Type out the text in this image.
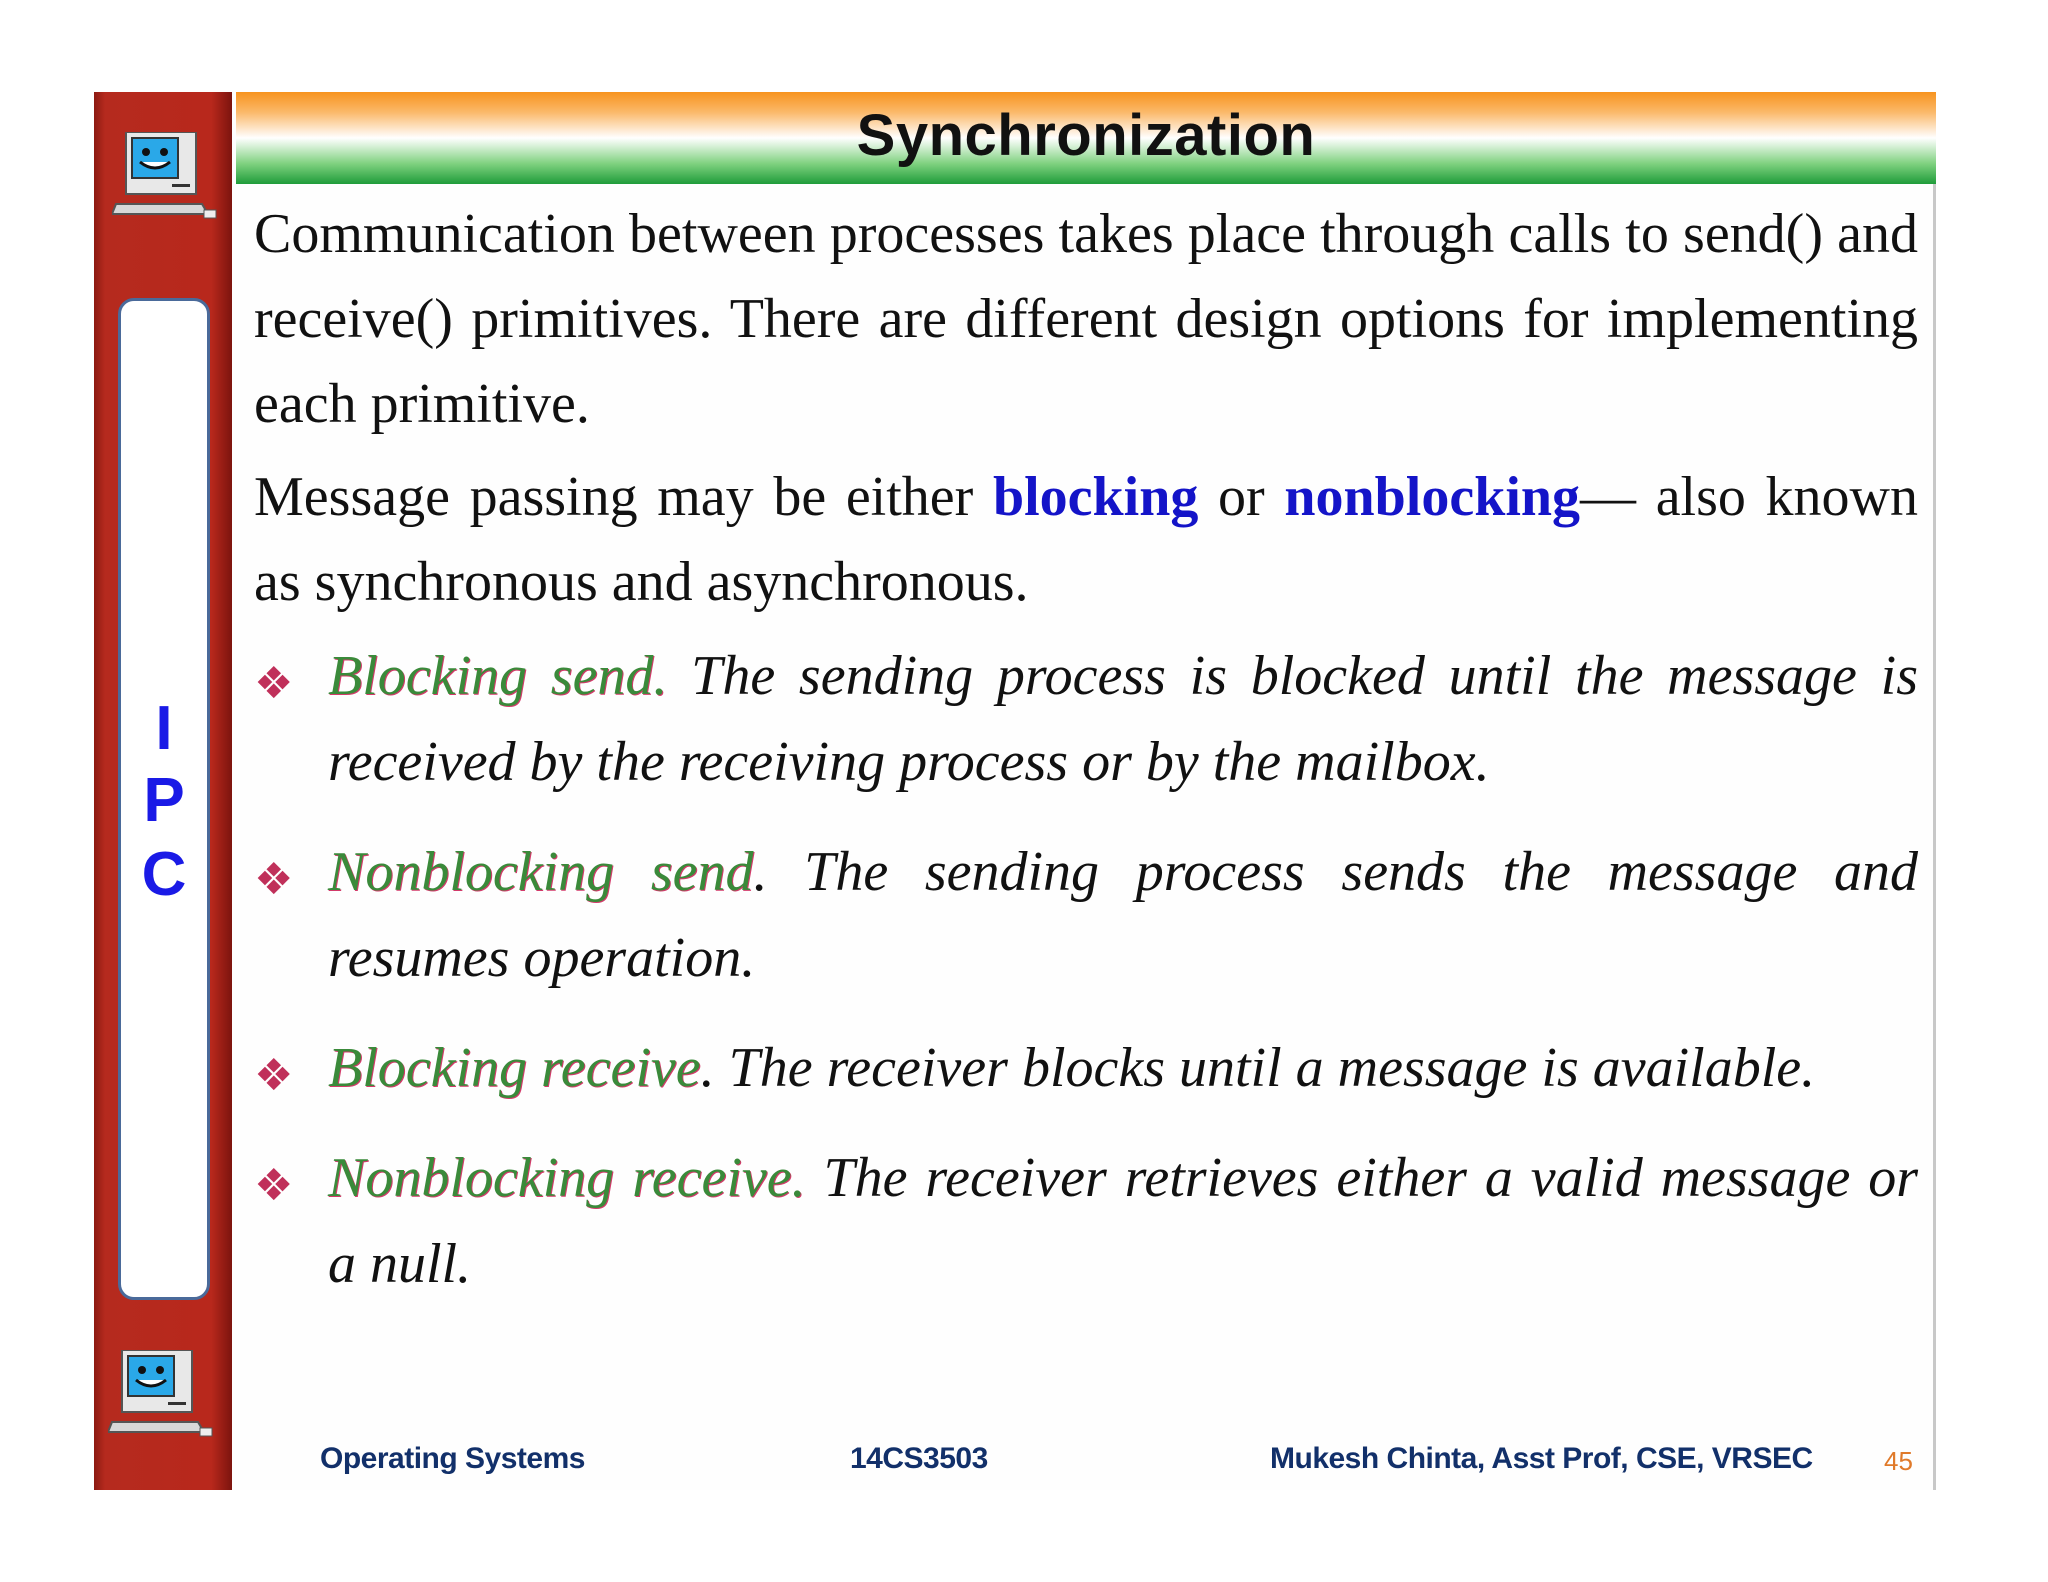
I
P
C
Synchronization

Communication between processes takes place through calls to send() and receive() primitives. There are different design options for implementing each primitive.

Message passing may be either blocking or nonblocking— also known as synchronous and asynchronous.

❖ Blocking send. The sending process is blocked until the message is received by the receiving process or by the mailbox.
❖ Nonblocking send. The sending process sends the message and resumes operation.
❖ Blocking receive. The receiver blocks until a message is available.
❖ Nonblocking receive. The receiver retrieves either a valid message or a null.
Operating Systems	14CS3503	Mukesh Chinta, Asst Prof, CSE, VRSEC	45
